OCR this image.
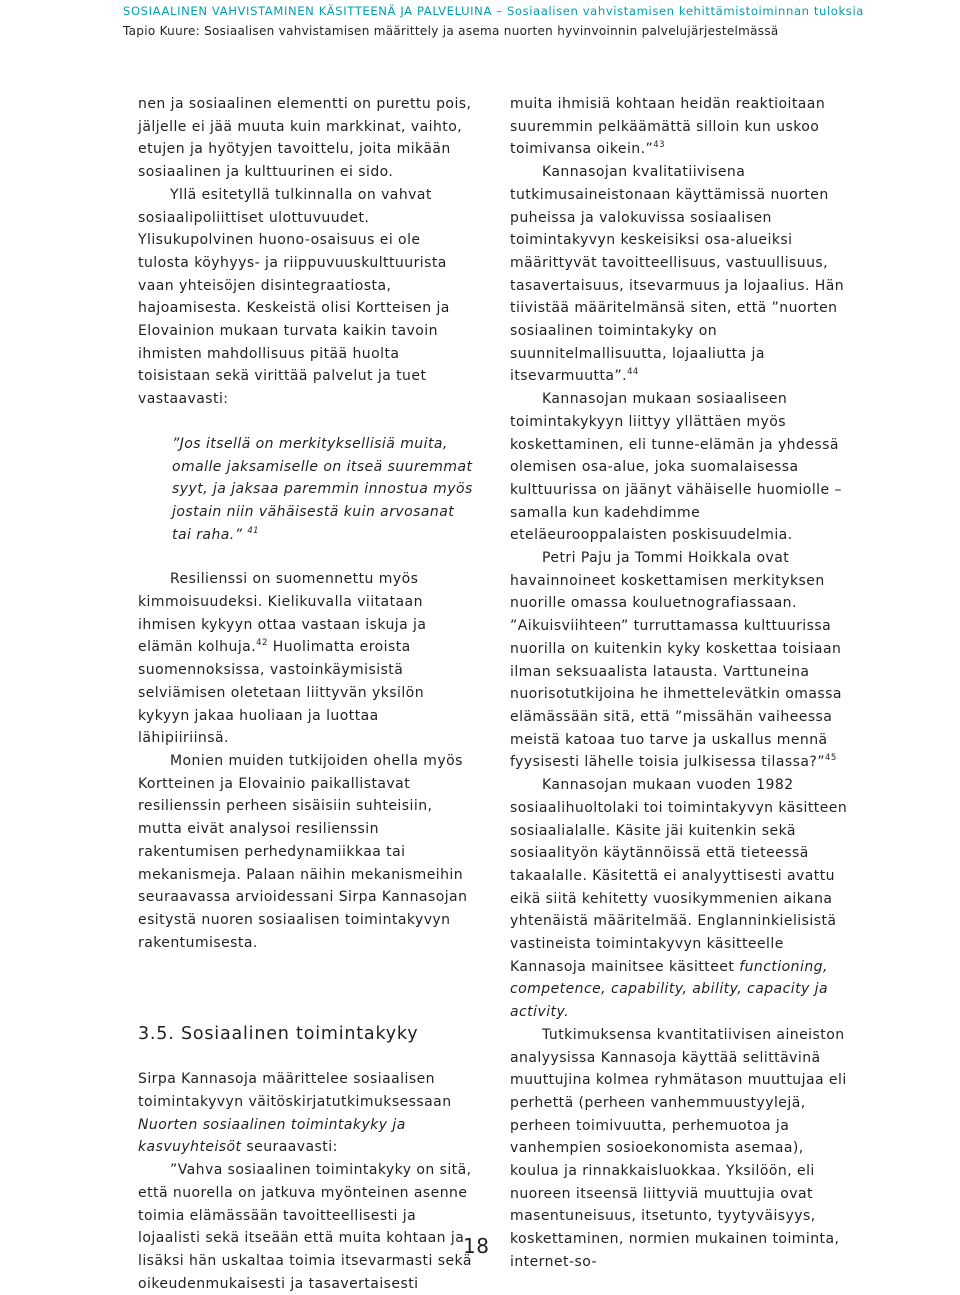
SOSIAALINEN VAHVISTAMINEN KÄSITTEENÄ JA PALVELUINA – Sosiaalisen vahvistamisen kehittämistoiminnan tuloksia
Tapio Kuure: Sosiaalisen vahvistamisen määrittely ja asema nuorten hyvinvoinnin palvelujärjestelmässä

nen ja sosiaalinen elementti on purettu pois, jäljelle ei jää muuta kuin markkinat, vaihto, etujen ja hyötyjen tavoittelu, joita mikään sosiaalinen ja kulttuurinen ei sido.

Yllä esitetyllä tulkinnalla on vahvat sosiaalipoliittiset ulottuvuudet. Ylisukupolvinen huono-osaisuus ei ole tulosta köyhyys- ja riippuvuuskulttuurista vaan yhteisöjen disintegraatiosta, hajoamisesta. Keskeistä olisi Kortteisen ja Elovainion mukaan turvata kaikin tavoin ihmisten mahdollisuus pitää huolta toisistaan sekä virittää palvelut ja tuet vastaavasti:

”Jos itsellä on merkityksellisiä muita, omalle jaksamiselle on itseä suuremmat syyt, ja jaksaa paremmin innostua myös jostain niin vähäisestä kuin arvosanat tai raha.” $^{41}$

Resilienssi on suomennettu myös kimmoisuudeksi. Kielikuvalla viitataan ihmisen kykyyn ottaa vastaan iskuja ja elämän kolhuja.$^{42}$ Huolimatta eroista suomennoksissa, vastoinkäymisistä selviämisen oletetaan liittyvän yksilön kykyyn jakaa huoliaan ja luottaa lähipiiriinsä.

Monien muiden tutkijoiden ohella myös Kortteinen ja Elovainio paikallistavat resilienssin perheen sisäisiin suhteisiin, mutta eivät analysoi resilienssin rakentumisen perhedynamiikkaa tai mekanismeja. Palaan näihin mekanismeihin seuraavassa arvioidessani Sirpa Kannasojan esitystä nuoren sosiaalisen toimintakyvyn rakentumisesta.

3.5. Sosiaalinen toimintakyky

Sirpa Kannasoja määrittelee sosiaalisen toimintakyvyn väitöskirjatutkimuksessaan Nuorten sosiaalinen toimintakyky ja kasvuyhteisöt seuraavasti:

”Vahva sosiaalinen toimintakyky on sitä, että nuorella on jatkuva myönteinen asenne toimia elämässään tavoitteellisesti ja lojaalisti sekä itseään että muita kohtaan ja lisäksi hän uskaltaa toimia itsevarmasti sekä oikeudenmukaisesti ja tasavertaisesti

muita ihmisiä kohtaan heidän reaktioitaan suuremmin pelkäämättä silloin kun uskoo toimivansa oikein.”$^{43}$

Kannasojan kvalitatiivisena tutkimusaineistonaan käyttämissä nuorten puheissa ja valokuvissa sosiaalisen toimintakyvyn keskeisiksi osa-alueiksi määrittyvät tavoitteellisuus, vastuullisuus, tasavertaisuus, itsevarmuus ja lojaalius. Hän tiivistää määritelmänsä siten, että ”nuorten sosiaalinen toimintakyky on suunnitelmallisuutta, lojaaliutta ja itsevarmuutta”.$^{44}$

Kannasojan mukaan sosiaaliseen toimintakykyyn liittyy yllättäen myös koskettaminen, eli tunne-elämän ja yhdessä olemisen osa-alue, joka suomalaisessa kulttuurissa on jäänyt vähäiselle huomiolle – samalla kun kadehdimme eteläeurooppalaisten poskisuudelmia.

Petri Paju ja Tommi Hoikkala ovat havainnoineet koskettamisen merkityksen nuorille omassa kouluetnografiassaan. ”Aikuisviihteen” turruttamassa kulttuurissa nuorilla on kuitenkin kyky koskettaa toisiaan ilman seksuaalista latausta. Varttuneina nuorisotutkijoina he ihmettelevätkin omassa elämässään sitä, että ”missähän vaiheessa meistä katoaa tuo tarve ja uskallus mennä fyysisesti lähelle toisia julkisessa tilassa?”$^{45}$

Kannasojan mukaan vuoden 1982 sosiaalihuoltolaki toi toimintakyvyn käsitteen sosiaalialalle. Käsite jäi kuitenkin sekä sosiaalityön käytännöissä että tieteessä takaalalle. Käsitettä ei analyyttisesti avattu eikä siitä kehitetty vuosikymmenien aikana yhtenäistä määritelmää. Englanninkielisistä vastineista toimintakyvyn käsitteelle Kannasoja mainitsee käsitteet functioning, competence, capability, ability, capacity ja activity.

Tutkimuksensa kvantitatiivisen aineiston analyysissa Kannasoja käyttää selittävinä muuttujina kolmea ryhmätason muuttujaa eli perhettä (perheen vanhemmuustyylejä, perheen toimivuutta, perhemuotoa ja vanhempien sosioekonomista asemaa), koulua ja rinnakkaisluokkaa. Yksilöön, eli nuoreen itseensä liittyviä muuttujia ovat masentuneisuus, itsetunto, tyytyväisyys, koskettaminen, normien mukainen toiminta, internet-so-

18
